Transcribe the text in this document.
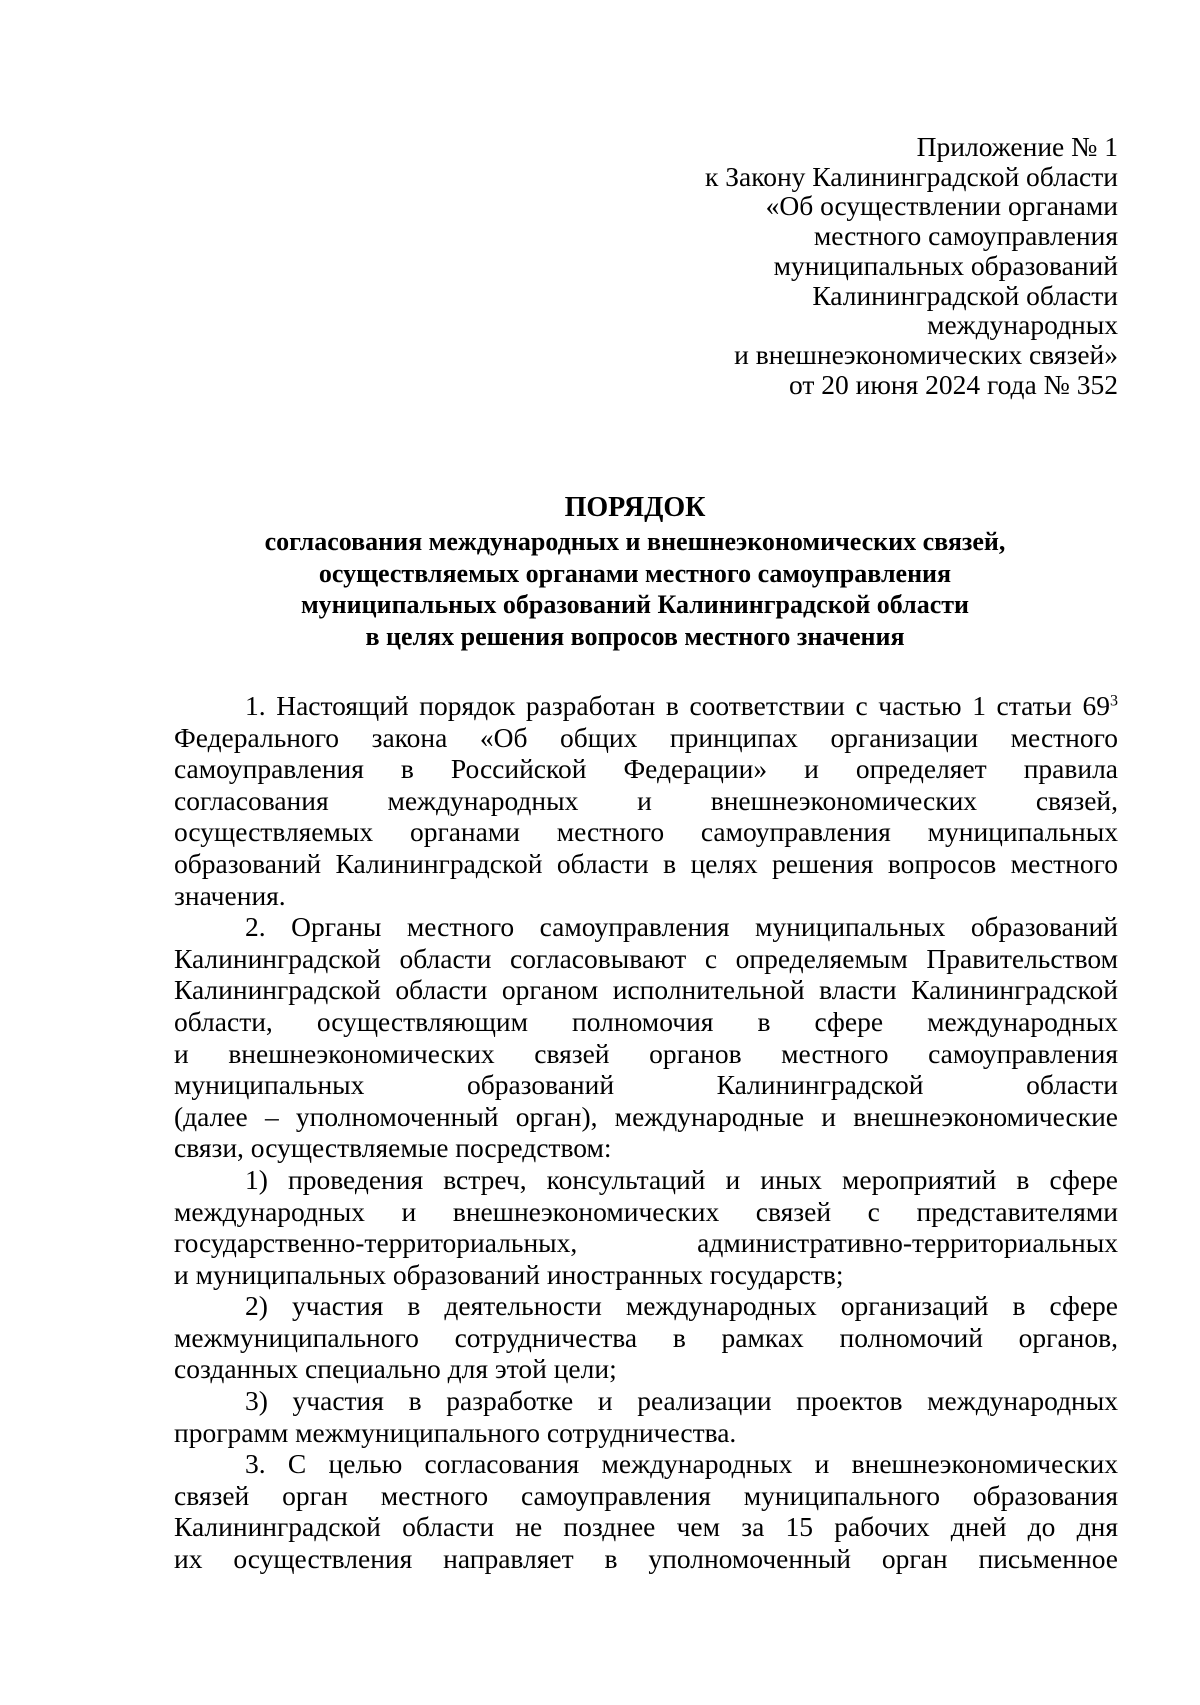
Приложение № 1
к Закону Калининградской области
«Об осуществлении органами
местного самоуправления
муниципальных образований
Калининградской области
международных
и внешнеэкономических связей»
от 20 июня 2024 года № 352
ПОРЯДОК
согласования международных и внешнеэкономических связей,
осуществляемых органами местного самоуправления
муниципальных образований Калининградской области
в целях решения вопросов местного значения

1. Настоящий порядок разработан в соответствии с частью 1 статьи $69^3$
Федерального закона «Об общих принципах организации местного
самоуправления в Российской Федерации» и определяет правила
согласования международных и внешнеэкономических связей,
осуществляемых органами местного самоуправления муниципальных
образований Калининградской области в целях решения вопросов местного
значения.

2. Органы местного самоуправления муниципальных образований
Калининградской области согласовывают с определяемым Правительством
Калининградской области органом исполнительной власти Калининградской
области, осуществляющим полномочия в сфере международных
и внешнеэкономических связей органов местного самоуправления
муниципальных образований Калининградской области
(далее – уполномоченный орган), международные и внешнеэкономические
связи, осуществляемые посредством:

1) проведения встреч, консультаций и иных мероприятий в сфере
международных и внешнеэкономических связей с представителями
государственно-территориальных, административно-территориальных
и муниципальных образований иностранных государств;

2) участия в деятельности международных организаций в сфере
межмуниципального сотрудничества в рамках полномочий органов,
созданных специально для этой цели;

3) участия в разработке и реализации проектов международных
программ межмуниципального сотрудничества.

3. С целью согласования международных и внешнеэкономических
связей орган местного самоуправления муниципального образования
Калининградской области не позднее чем за 15 рабочих дней до дня
их осуществления направляет в уполномоченный орган письменное
